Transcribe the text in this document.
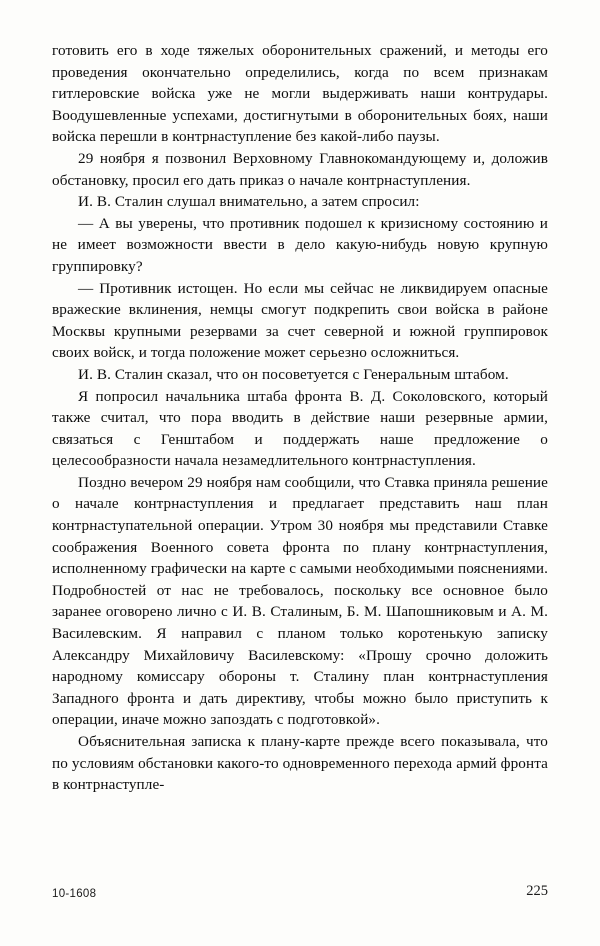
готовить его в ходе тяжелых оборонительных сражений, и методы его проведения окончательно определились, когда по всем признакам гитлеровские войска уже не могли выдерживать наши контрудары. Воодушевленные успехами, достигнутыми в оборонительных боях, наши войска перешли в контрнаступление без какой-либо паузы.

29 ноября я позвонил Верховному Главнокомандующему и, доложив обстановку, просил его дать приказ о начале контрнаступления.

И. В. Сталин слушал внимательно, а затем спросил:

— А вы уверены, что противник подошел к кризисному состоянию и не имеет возможности ввести в дело какую-нибудь новую крупную группировку?

— Противник истощен. Но если мы сейчас не ликвидируем опасные вражеские вклинения, немцы смогут подкрепить свои войска в районе Москвы крупными резервами за счет северной и южной группировок своих войск, и тогда положение может серьезно осложниться.

И. В. Сталин сказал, что он посоветуется с Генеральным штабом.

Я попросил начальника штаба фронта В. Д. Соколовского, который также считал, что пора вводить в действие наши резервные армии, связаться с Генштабом и поддержать наше предложение о целесообразности начала незамедлительного контрнаступления.

Поздно вечером 29 ноября нам сообщили, что Ставка приняла решение о начале контрнаступления и предлагает представить наш план контрнаступательной операции. Утром 30 ноября мы представили Ставке соображения Военного совета фронта по плану контрнаступления, исполненному графически на карте с самыми необходимыми пояснениями. Подробностей от нас не требовалось, поскольку все основное было заранее оговорено лично с И. В. Сталиным, Б. М. Шапошниковым и А. М. Василевским. Я направил с планом только коротенькую записку Александру Михайловичу Василевскому: «Прошу срочно доложить народному комиссару обороны т. Сталину план контрнаступления Западного фронта и дать директиву, чтобы можно было приступить к операции, иначе можно запоздать с подготовкой».

Объяснительная записка к плану-карте прежде всего показывала, что по условиям обстановки какого-то одновременного перехода армий фронта в контрнаступле-

10-1608	225
